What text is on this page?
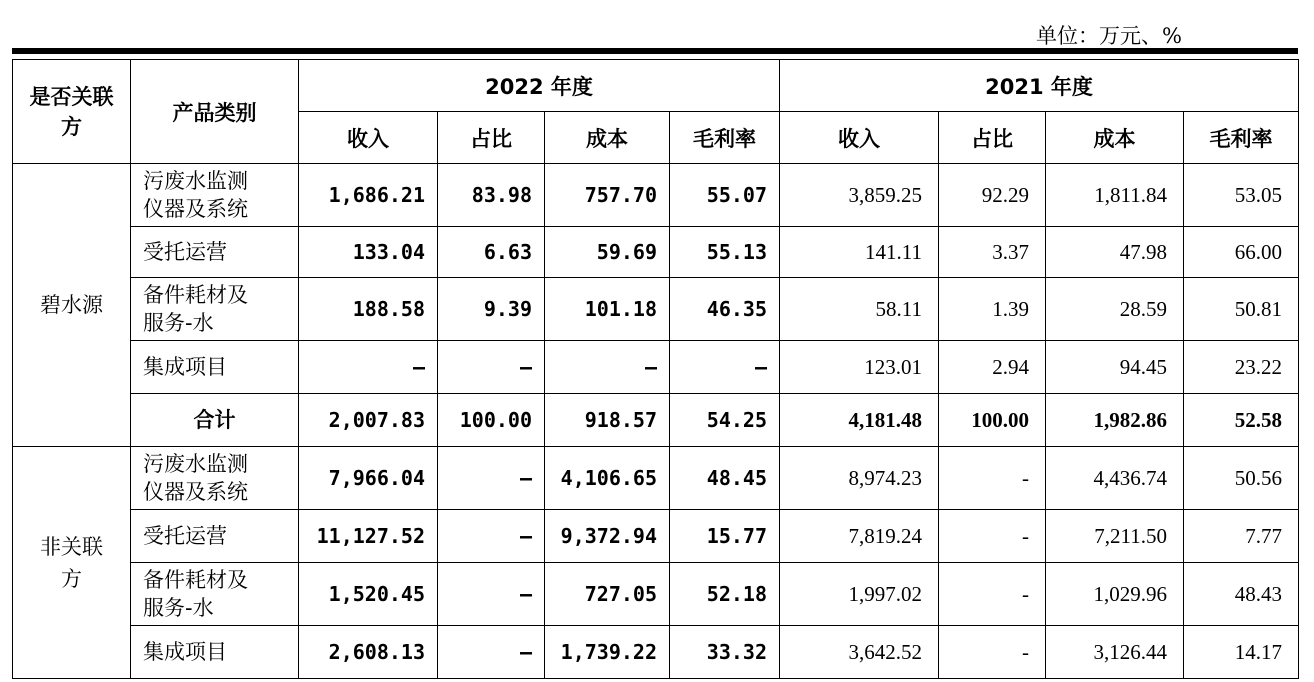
单位：万元、%
是否关联方	产品类别	2022 年度				2021 年度			
		收入	占比	成本	毛利率	收入	占比	成本	毛利率
碧水源	污废水监测仪器及系统	1,686.21	83.98	757.70	55.07	3,859.25	92.29	1,811.84	53.05
	受托运营	133.04	6.63	59.69	55.13	141.11	3.37	47.98	66.00
	备件耗材及服务-水	188.58	9.39	101.18	46.35	58.11	1.39	28.59	50.81
	集成项目	–	–	–	–	123.01	2.94	94.45	23.22
	合计	2,007.83	100.00	918.57	54.25	4,181.48	100.00	1,982.86	52.58
非关联方	污废水监测仪器及系统	7,966.04	–	4,106.65	48.45	8,974.23	-	4,436.74	50.56
	受托运营	11,127.52	–	9,372.94	15.77	7,819.24	-	7,211.50	7.77
	备件耗材及服务-水	1,520.45	–	727.05	52.18	1,997.02	-	1,029.96	48.43
	集成项目	2,608.13	–	1,739.22	33.32	3,642.52	-	3,126.44	14.17
